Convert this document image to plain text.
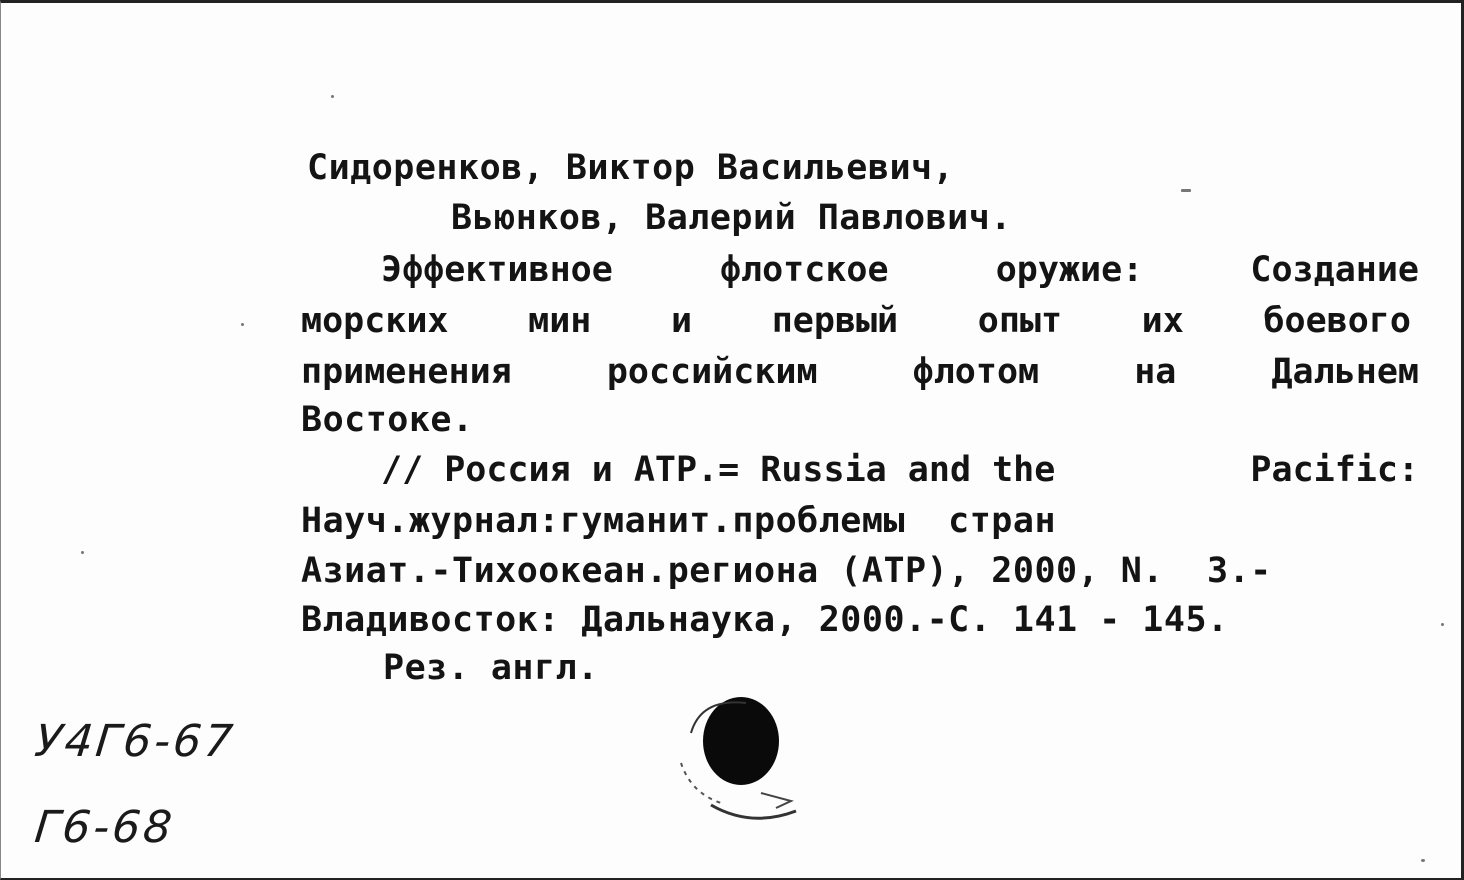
Сидоренков, Виктор Васильевич,
Вьюнков, Валерий Павлович.
Эффективное	флотское	оружие:	Создание
морских мин и первый опыт их боевого
применения	российским	флотом	на	Дальнем
Востоке.
// Россия и АТР.= Russia and the	Pacific:
Науч.журнал:гуманит.проблемы  стран
Азиат.-Тихоокеан.региона (АТР), 2000, N.  3.-
Владивосток: Дальнаука, 2000.-С. 141 - 145.
Рез. англ.
У4Г6-67
Г6-68
